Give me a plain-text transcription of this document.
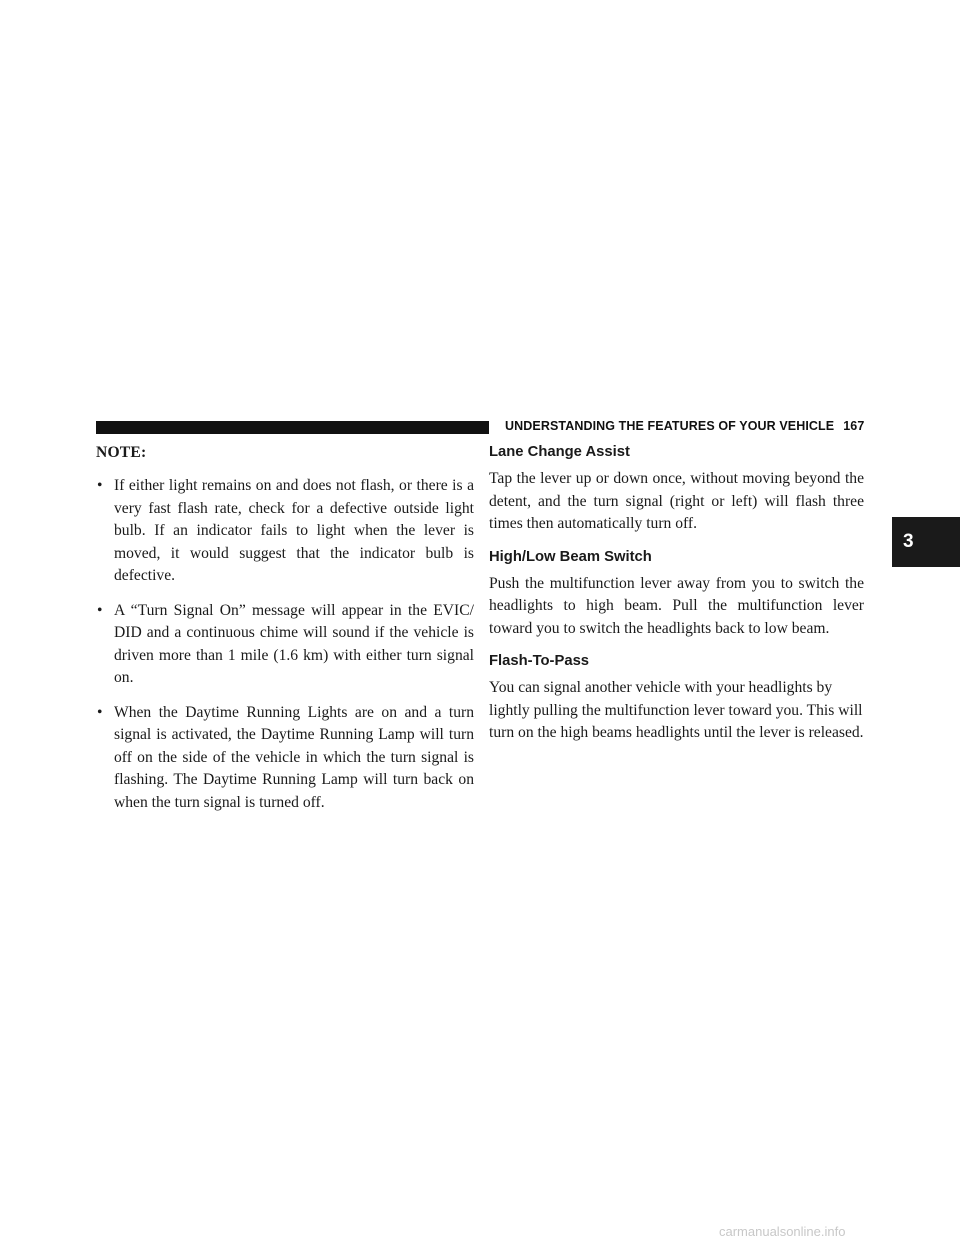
UNDERSTANDING THE FEATURES OF YOUR VEHICLE 167
3
NOTE:
• If either light remains on and does not flash, or there is a very fast flash rate, check for a defective outside light bulb. If an indicator fails to light when the lever is moved, it would suggest that the indicator bulb is defective.
• A “Turn Signal On” message will appear in the EVIC/ DID and a continuous chime will sound if the vehicle is driven more than 1 mile (1.6 km) with either turn signal on.
• When the Daytime Running Lights are on and a turn signal is activated, the Daytime Running Lamp will turn off on the side of the vehicle in which the turn signal is flashing. The Daytime Running Lamp will turn back on when the turn signal is turned off.
Lane Change Assist

Tap the lever up or down once, without moving beyond the detent, and the turn signal (right or left) will flash three times then automatically turn off.

High/Low Beam Switch

Push the multifunction lever away from you to switch the headlights to high beam. Pull the multifunction lever toward you to switch the headlights back to low beam.

Flash-To-Pass

You can signal another vehicle with your headlights by lightly pulling the multifunction lever toward you. This will turn on the high beams headlights until the lever is released.

carmanualsonline.info
